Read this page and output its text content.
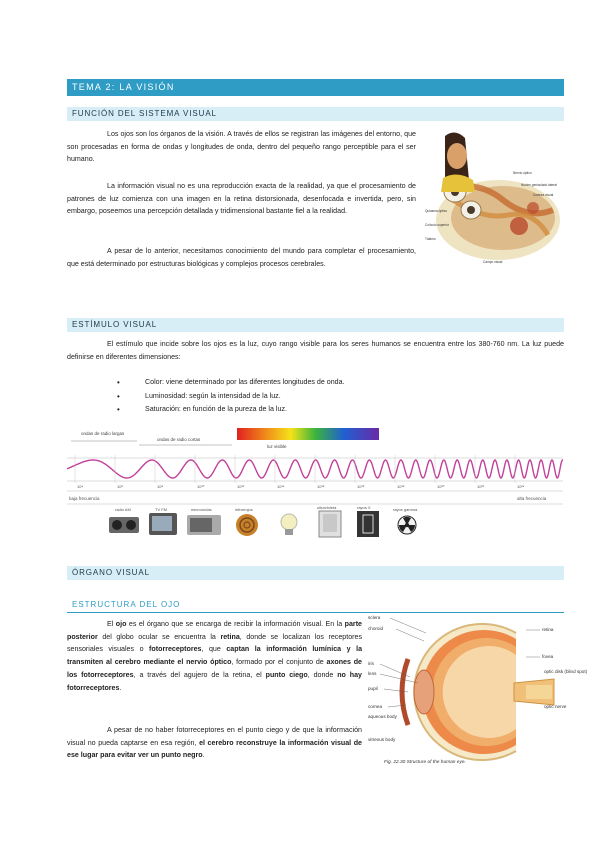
TEMA 2: LA VISIÓN
FUNCIÓN DEL SISTEMA VISUAL

Los ojos son los órganos de la visión. A través de ellos se registran las imágenes del entorno, que son procesadas en forma de ondas y longitudes de onda, dentro del pequeño rango perceptible para el ser humano.

La información visual no es una reproducción exacta de la realidad, ya que el procesamiento de patrones de luz comienza con una imagen en la retina distorsionada, desenfocada e invertida, pero, sin embargo, poseemos una percepción detallada y tridimensional bastante fiel a la realidad.

A pesar de lo anterior, necesitamos conocimiento del mundo para completar el procesamiento, que está determinado por estructuras biológicas y complejos procesos cerebrales.

Nervio óptico
Quiasma óptico
Núcleo geniculado lateral
Colículo superior
Corteza visual
Tálamo
Campo visual
ESTÍMULO VISUAL

El estímulo que incide sobre los ojos es la luz, cuyo rango visible para los seres humanos se encuentra entre los 380-760 nm. La luz puede definirse en diferentes dimensiones:

• Color: viene determinado por las diferentes longitudes de onda.
• Luminosidad: según la intensidad de la luz.
• Saturación: en función de la pureza de la luz.
ondas de radio largas
ondas de radio cortas
luz visible
10⁴	10⁶	10⁸	10¹⁰	10¹²	10¹⁴	10¹⁵	10¹⁶	10¹⁸	10²⁰	10²²	10²⁴
baja frecuencia	alta frecuencia
radio AM	TV FM	microondas	infrarrojos	ultravioleta	rayos X	rayos gamma
ÓRGANO VISUAL
ESTRUCTURA DEL OJO

El ojo es el órgano que se encarga de recibir la información visual. En la parte posterior del globo ocular se encuentra la retina, donde se localizan los receptores sensoriales visuales o fotorreceptores, que captan la información lumínica y la transmiten al cerebro mediante el nervio óptico, formado por el conjunto de axones de los fotorreceptores, a través del agujero de la retina, el punto ciego, donde no hay fotorreceptores.

A pesar de no haber fotorreceptores en el punto ciego y de que la información visual no pueda captarse en esa región, el cerebro reconstruye la información visual de ese lugar para evitar ver un punto negro.

sclera
choroid
iris
lens
pupil
cornea
aqueous body
vitreous body
retina
fovea
optic disk (blind spot)
optic nerve
Fig. 22.30 Structure of the human eye.
